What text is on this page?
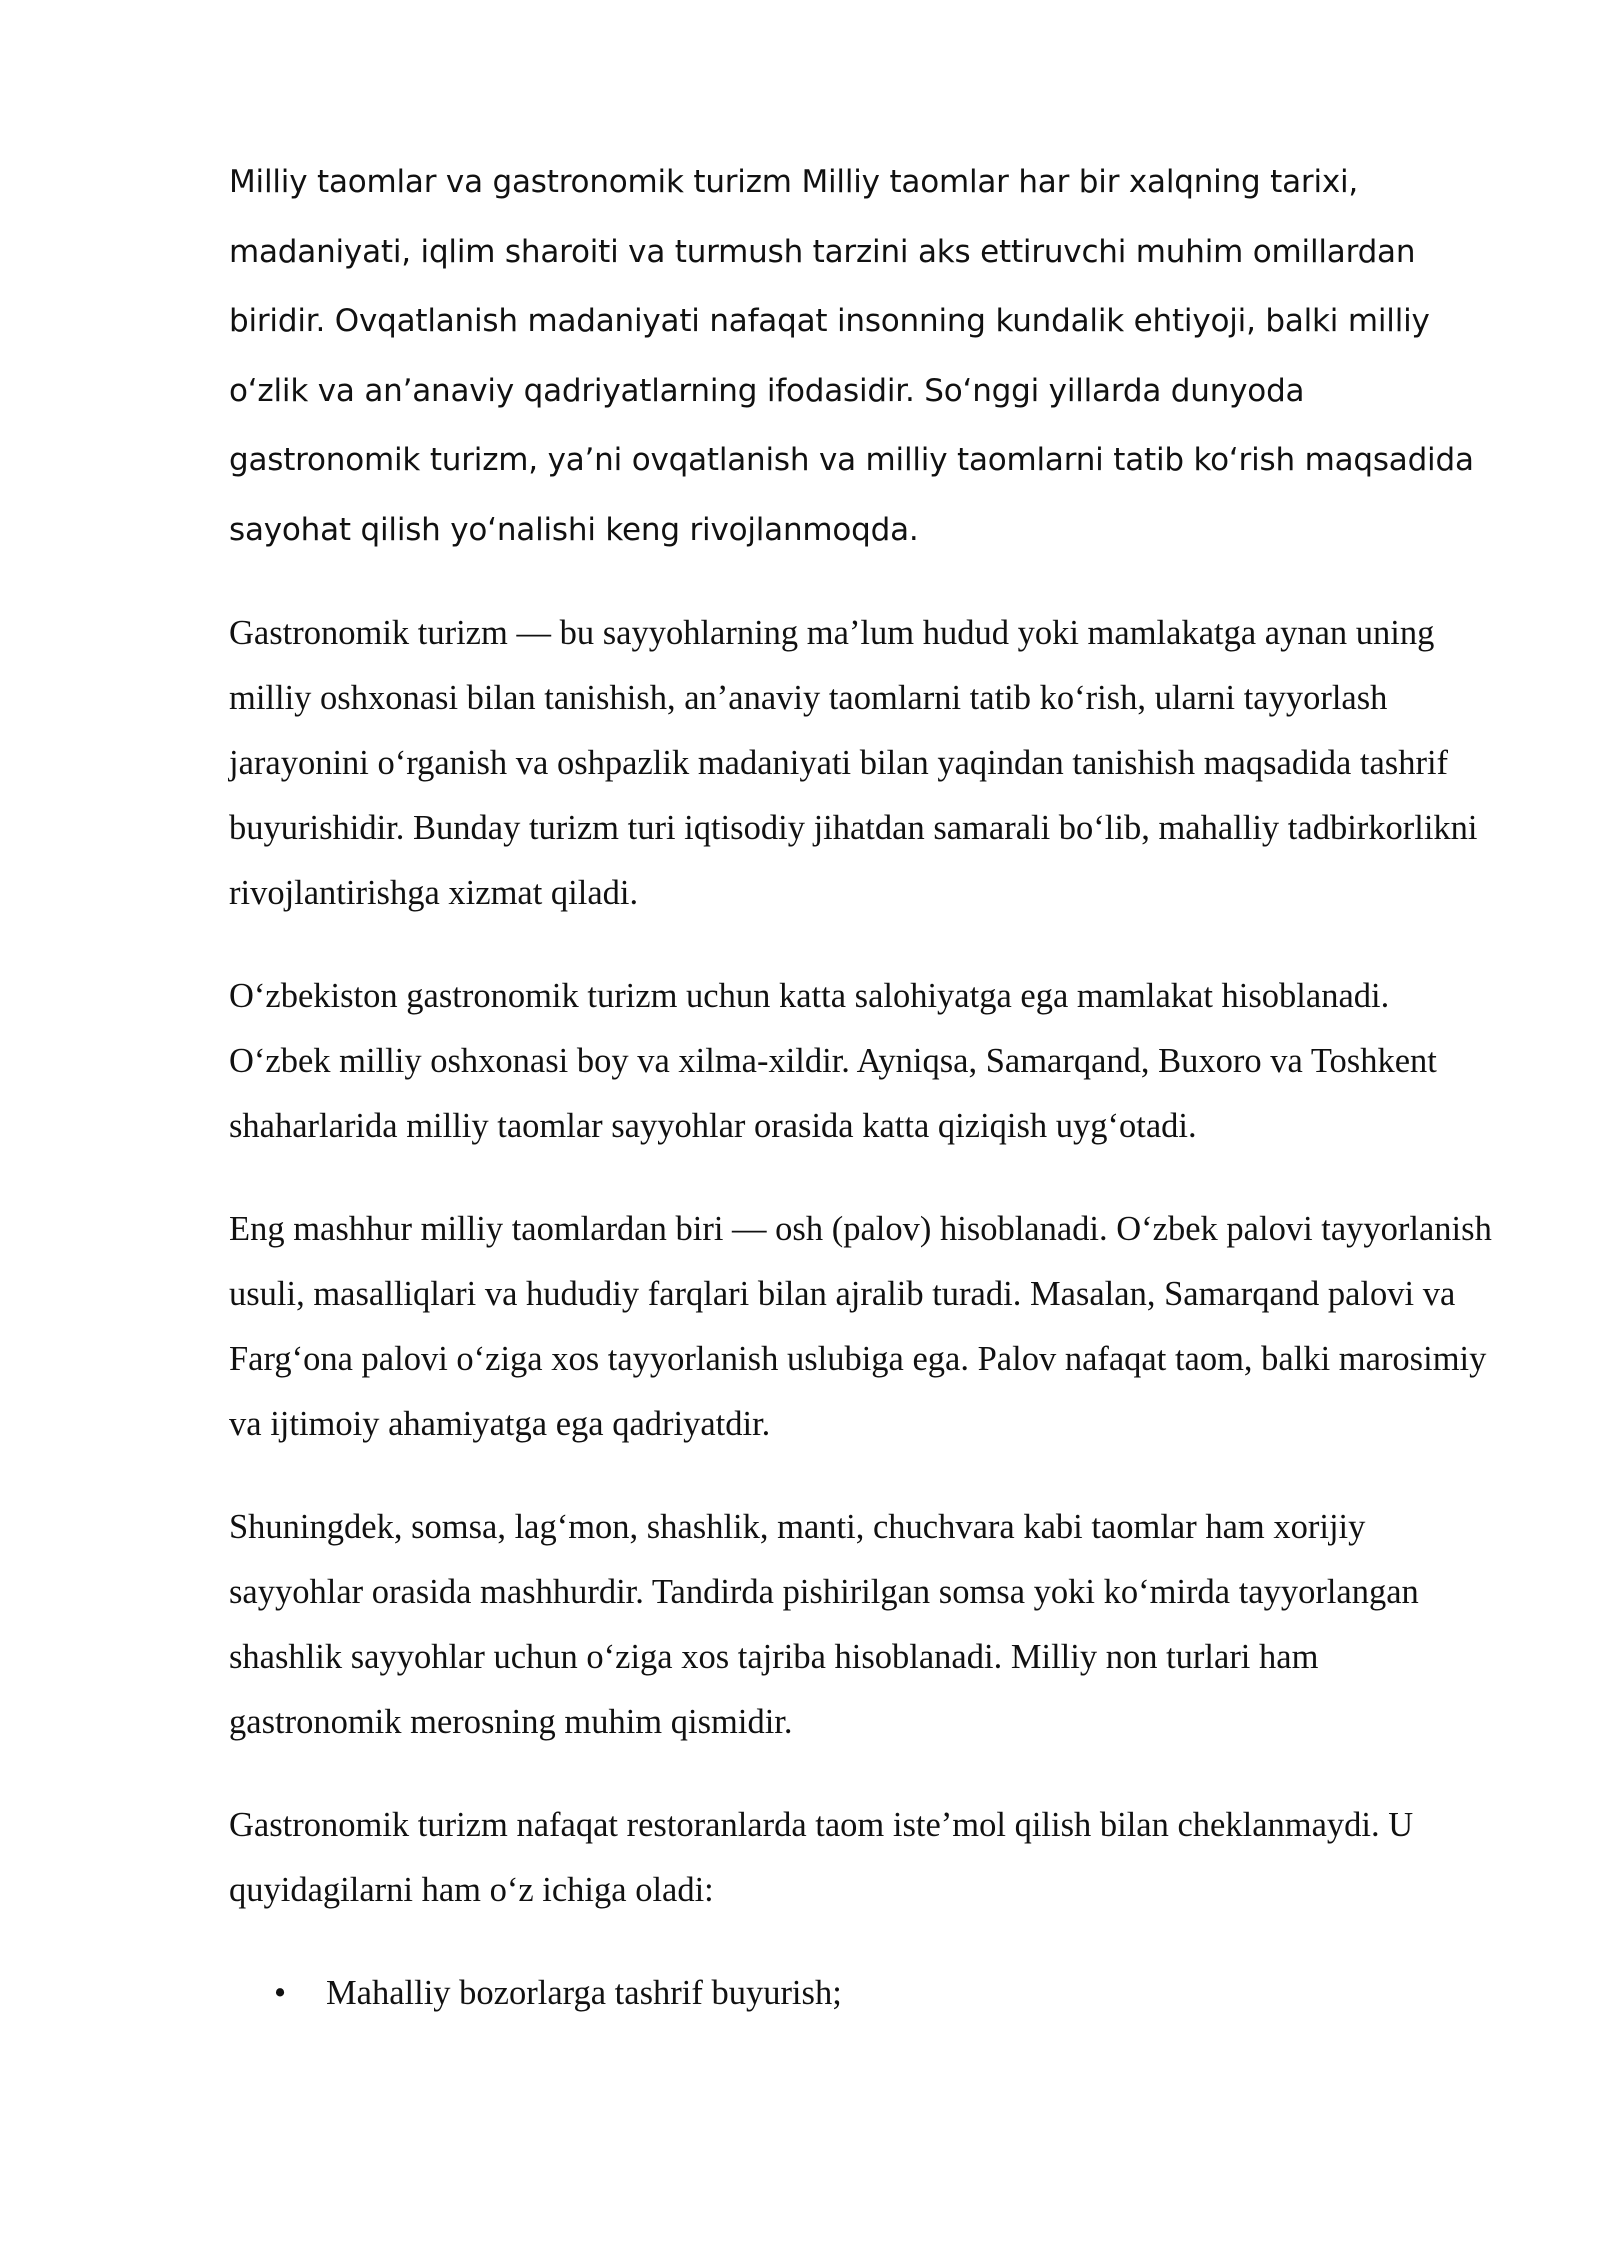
Milliy taomlar va gastronomik turizm Milliy taomlar har bir xalqning tarixi, madaniyati, iqlim sharoiti va turmush tarzini aks ettiruvchi muhim omillardan biridir. Ovqatlanish madaniyati nafaqat insonning kundalik ehtiyoji, balki milliy oʻzlik va anʼanaviy qadriyatlarning ifodasidir. Soʻnggi yillarda dunyoda gastronomik turizm, yaʼni ovqatlanish va milliy taomlarni tatib koʻrish maqsadida sayohat qilish yoʻnalishi keng rivojlanmoqda.

Gastronomik turizm — bu sayyohlarning maʼlum hudud yoki mamlakatga aynan uning milliy oshxonasi bilan tanishish, anʼanaviy taomlarni tatib koʻrish, ularni tayyorlash jarayonini oʻrganish va oshpazlik madaniyati bilan yaqindan tanishish maqsadida tashrif buyurishidir. Bunday turizm turi iqtisodiy jihatdan samarali boʻlib, mahalliy tadbirkorlikni rivojlantirishga xizmat qiladi.

Oʻzbekiston gastronomik turizm uchun katta salohiyatga ega mamlakat hisoblanadi. Oʻzbek milliy oshxonasi boy va xilma-xildir. Ayniqsa, Samarqand, Buxoro va Toshkent shaharlarida milliy taomlar sayyohlar orasida katta qiziqish uygʻotadi.

Eng mashhur milliy taomlardan biri — osh (palov) hisoblanadi. Oʻzbek palovi tayyorlanish usuli, masalliqlari va hududiy farqlari bilan ajralib turadi. Masalan, Samarqand palovi va Fargʻona palovi oʻziga xos tayyorlanish uslubiga ega. Palov nafaqat taom, balki marosimiy va ijtimoiy ahamiyatga ega qadriyatdir.

Shuningdek, somsa, lagʻmon, shashlik, manti, chuchvara kabi taomlar ham xorijiy sayyohlar orasida mashhurdir. Tandirda pishirilgan somsa yoki koʻmirda tayyorlangan shashlik sayyohlar uchun oʻziga xos tajriba hisoblanadi. Milliy non turlari ham gastronomik merosning muhim qismidir.

Gastronomik turizm nafaqat restoranlarda taom isteʼmol qilish bilan cheklanmaydi. U quyidagilarni ham oʻz ichiga oladi:

• Mahalliy bozorlarga tashrif buyurish;
